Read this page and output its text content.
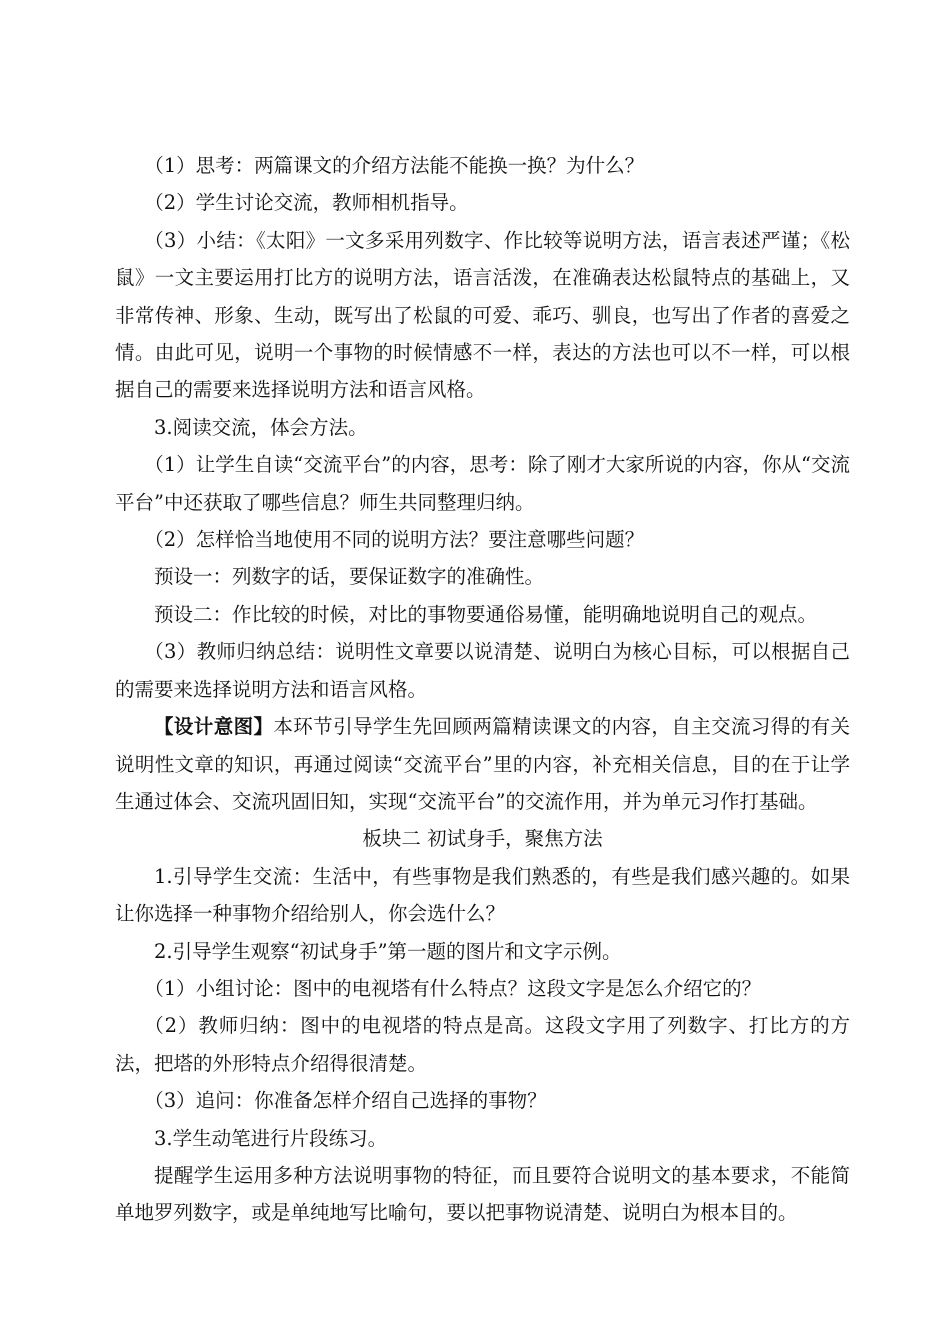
（1）思考：两篇课文的介绍方法能不能换一换？为什么？

（2）学生讨论交流，教师相机指导。

（3）小结：《太阳》一文多采用列数字、作比较等说明方法，语言表述严谨；《松鼠》一文主要运用打比方的说明方法，语言活泼，在准确表达松鼠特点的基础上，又非常传神、形象、生动，既写出了松鼠的可爱、乖巧、驯良，也写出了作者的喜爱之情。由此可见，说明一个事物的时候情感不一样，表达的方法也可以不一样，可以根据自己的需要来选择说明方法和语言风格。

3.阅读交流，体会方法。

（1）让学生自读“交流平台”的内容，思考：除了刚才大家所说的内容，你从“交流平台”中还获取了哪些信息？师生共同整理归纳。

（2）怎样恰当地使用不同的说明方法？要注意哪些问题？

预设一：列数字的话，要保证数字的准确性。

预设二：作比较的时候，对比的事物要通俗易懂，能明确地说明自己的观点。

（3）教师归纳总结：说明性文章要以说清楚、说明白为核心目标，可以根据自己的需要来选择说明方法和语言风格。

【设计意图】本环节引导学生先回顾两篇精读课文的内容，自主交流习得的有关说明性文章的知识，再通过阅读“交流平台”里的内容，补充相关信息，目的在于让学生通过体会、交流巩固旧知，实现“交流平台”的交流作用，并为单元习作打基础。

板块二 初试身手，聚焦方法

1.引导学生交流：生活中，有些事物是我们熟悉的，有些是我们感兴趣的。如果让你选择一种事物介绍给别人，你会选什么？

2.引导学生观察“初试身手”第一题的图片和文字示例。

（1）小组讨论：图中的电视塔有什么特点？这段文字是怎么介绍它的？

（2）教师归纳：图中的电视塔的特点是高。这段文字用了列数字、打比方的方法，把塔的外形特点介绍得很清楚。

（3）追问：你准备怎样介绍自己选择的事物？

3.学生动笔进行片段练习。

提醒学生运用多种方法说明事物的特征，而且要符合说明文的基本要求，不能简单地罗列数字，或是单纯地写比喻句，要以把事物说清楚、说明白为根本目的。
